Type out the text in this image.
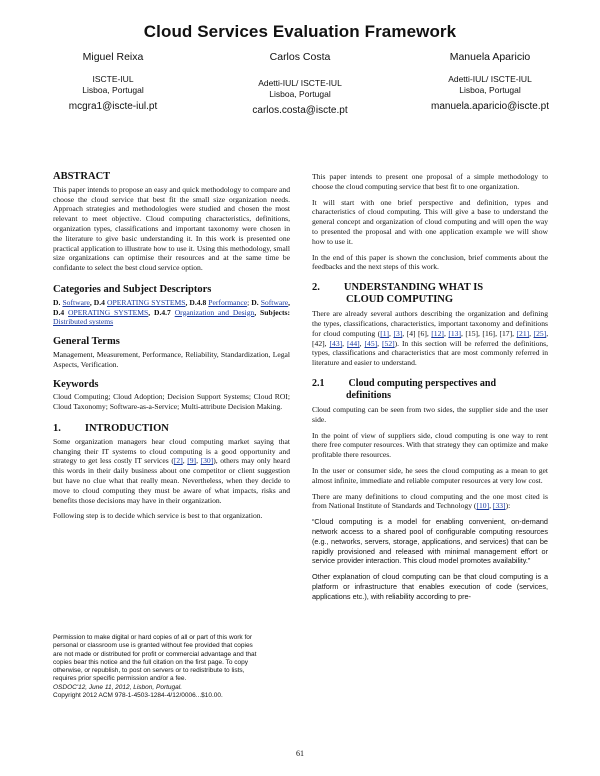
Cloud Services Evaluation Framework
Miguel Reixa
ISCTE-IUL
Lisboa, Portugal
mcgra1@iscte-iul.pt
Carlos Costa
Adetti-IUL/ ISCTE-IUL
Lisboa, Portugal
carlos.costa@iscte.pt
Manuela Aparicio
Adetti-IUL/ ISCTE-IUL
Lisboa, Portugal
manuela.aparicio@iscte.pt
ABSTRACT

This paper intends to propose an easy and quick methodology to compare and choose the cloud service that best fit the small size organization needs. Approach strategies and methodologies were studied and chosen the most relevant to meet objective. Cloud computing characteristics, definitions, organization types, classifications and important taxonomy were chosen in the literature to give basic understanding it. In this work is presented one practical application to illustrate how to use it. Using this methodology, small size organizations can optimise their resources and at the same time be confidante to select the best cloud service option.

Categories and Subject Descriptors

D. Software, D.4 OPERATING SYSTEMS, D.4.8 Performance; D. Software, D.4 OPERATING SYSTEMS, D.4.7 Organization and Design, Subjects: Distributed systems

General Terms

Management, Measurement, Performance, Reliability, Standardization, Legal Aspects, Verification.

Keywords

Cloud Computing; Cloud Adoption; Decision Support Systems; Cloud ROI; Cloud Taxonomy; Software-as-a-Service; Multi-attribute Decision Making.

1. INTRODUCTION

Some organization managers hear cloud computing market saying that changing their IT systems to cloud computing is a good opportunity and strategy to get less costly IT services ([2], [9], [30]), others may only heard this words in their daily business about one competitor or client suggestion but have no clue what that really mean. Nevertheless, when they decide to move to cloud computing they must be aware of what impacts, risks and benefits those decisions may have in their organization.

Following step is to decide which service is best to that organization.

Permission to make digital or hard copies of all or part of this work for
personal or classroom use is granted without fee provided that copies
are not made or distributed for profit or commercial advantage and that
copies bear this notice and the full citation on the first page. To copy
otherwise, or republish, to post on servers or to redistribute to lists,
requires prior specific permission and/or a fee.
OSDOC'12, June 11, 2012, Lisbon, Portugal.
Copyright 2012 ACM 978-1-4503-1284-4/12/0006...$10.00.

This paper intends to present one proposal of a simple methodology to choose the cloud computing service that best fit to one organization.

It will start with one brief perspective and definition, types and characteristics of cloud computing. This will give a base to understand the general concept and organization of cloud computing and will open the way to presented the proposal and with one application example we will show how to use it.

In the end of this paper is shown the conclusion, brief comments about the feedbacks and the next steps of this work.

2. UNDERSTANDING WHAT IS
CLOUD COMPUTING

There are already several authors describing the organization and defining the types, classifications, characteristics, important taxonomy and definitions for cloud computing ([1], [3], [4] [6], [12], [13], [15], [16], [17], [21], [25], [42], [43], [44], [45], [52]). In this section will be referred the definitions, types, classifications and characteristics that are most commonly referred in literature and easier to understand.

2.1 Cloud computing perspectives and
definitions

Cloud computing can be seen from two sides, the supplier side and the user side.

In the point of view of suppliers side, cloud computing is one way to rent there free computer resources. With that strategy they can optimize and make profitable there resources.

In the user or consumer side, he sees the cloud computing as a mean to get almost infinite, immediate and reliable computer resources at very low cost.

There are many definitions to cloud computing and the one most cited is from National Institute of Standards and Technology ([10], [33]):

“Cloud computing is a model for enabling convenient, on-demand network access to a shared pool of configurable computing resources (e.g., networks, servers, storage, applications, and services) that can be rapidly provisioned and released with minimal management effort or service provider interaction. This cloud model promotes availability.”

Other explanation of cloud computing can be that cloud computing is a platform or infrastructure that enables execution of code (services, applications etc.), with reliability according to pre-

61
